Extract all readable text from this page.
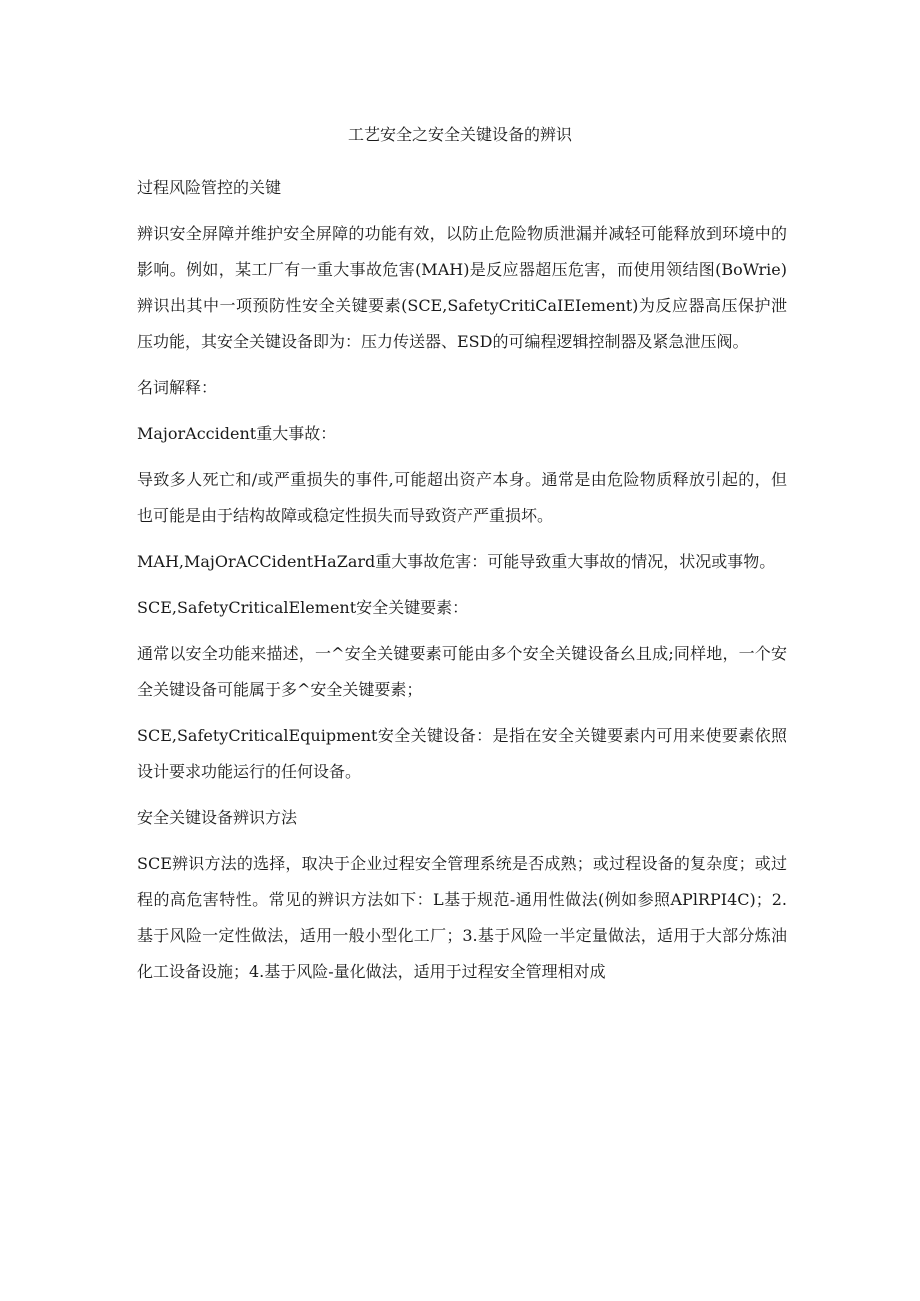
工艺安全之安全关键设备的辨识

过程风险管控的关键

辨识安全屏障并维护安全屏障的功能有效，以防止危险物质泄漏并减轻可能释放到环境中的影响。例如，某工厂有一重大事故危害(MAH)是反应器超压危害，而使用领结图(BoWrie)辨识出其中一项预防性安全关键要素(SCE,SafetyCritiCaIEIement)为反应器高压保护泄压功能，其安全关键设备即为：压力传送器、ESD的可编程逻辑控制器及紧急泄压阀。

名词解释：

MajorAccident重大事故：

导致多人死亡和/或严重损失的事件,可能超出资产本身。通常是由危险物质释放引起的，但也可能是由于结构故障或稳定性损失而导致资产严重损坏。

MAH,MajOrACCidentHaZard重大事故危害：可能导致重大事故的情况，状况或事物。

SCE,SafetyCriticalElement安全关键要素：

通常以安全功能来描述，一^安全关键要素可能由多个安全关键设备幺且成;同样地，一个安全关键设备可能属于多^安全关键要素；

SCE,SafetyCriticalEquipment安全关键设备：是指在安全关键要素内可用来使要素依照设计要求功能运行的任何设备。

安全关键设备辨识方法

SCE辨识方法的选择，取决于企业过程安全管理系统是否成熟；或过程设备的复杂度；或过程的高危害特性。常见的辨识方法如下：L基于规范-通用性做法(例如参照APlRPI4C)；2.基于风险一定性做法，适用一般小型化工厂；3.基于风险一半定量做法，适用于大部分炼油化工设备设施；4.基于风险-量化做法，适用于过程安全管理相对成
